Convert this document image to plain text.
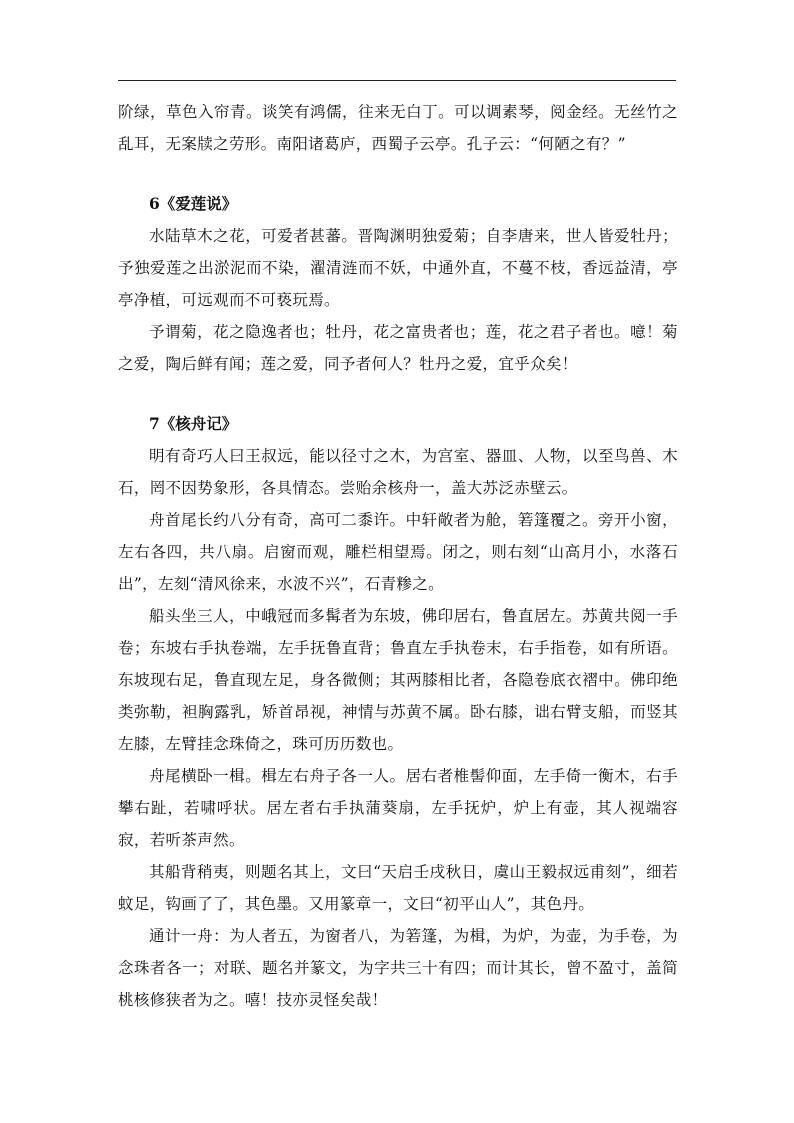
阶绿，草色入帘青。谈笑有鸿儒，往来无白丁。可以调素琴，阅金经。无丝竹之乱耳，无案牍之劳形。南阳诸葛庐，西蜀子云亭。孔子云：“何陋之有？”

6《爱莲说》

水陆草木之花，可爱者甚蕃。晋陶渊明独爱菊；自李唐来，世人皆爱牡丹；予独爱莲之出淤泥而不染，濯清涟而不妖，中通外直，不蔓不枝，香远益清，亭亭净植，可远观而不可亵玩焉。

予谓菊，花之隐逸者也；牡丹，花之富贵者也；莲，花之君子者也。噫！菊之爱，陶后鲜有闻；莲之爱，同予者何人？牡丹之爱，宜乎众矣！

7《核舟记》

明有奇巧人曰王叔远，能以径寸之木，为宫室、器皿、人物，以至鸟兽、木石，罔不因势象形，各具情态。尝贻余核舟一，盖大苏泛赤壁云。

舟首尾长约八分有奇，高可二黍许。中轩敞者为舱，箬篷覆之。旁开小窗，左右各四，共八扇。启窗而观，雕栏相望焉。闭之，则右刻“山高月小，水落石出”，左刻“清风徐来，水波不兴”，石青糁之。

船头坐三人，中峨冠而多髯者为东坡，佛印居右，鲁直居左。苏黄共阅一手卷；东坡右手执卷端，左手抚鲁直背；鲁直左手执卷末，右手指卷，如有所语。东坡现右足，鲁直现左足，身各微侧；其两膝相比者，各隐卷底衣褶中。佛印绝类弥勒，袒胸露乳，矫首昂视，神情与苏黄不属。卧右膝，诎右臂支船，而竖其左膝，左臂挂念珠倚之，珠可历历数也。

舟尾横卧一楫。楫左右舟子各一人。居右者椎髻仰面，左手倚一衡木，右手攀右趾，若啸呼状。居左者右手执蒲葵扇，左手抚炉，炉上有壶，其人视端容寂，若听茶声然。

其船背稍夷，则题名其上，文曰“天启壬戌秋日，虞山王毅叔远甫刻”，细若蚊足，钩画了了，其色墨。又用篆章一，文曰“初平山人”，其色丹。

通计一舟：为人者五，为窗者八，为箬篷，为楫，为炉，为壶，为手卷，为念珠者各一；对联、题名并篆文，为字共三十有四；而计其长，曾不盈寸，盖简桃核修狭者为之。嘻！技亦灵怪矣哉！
